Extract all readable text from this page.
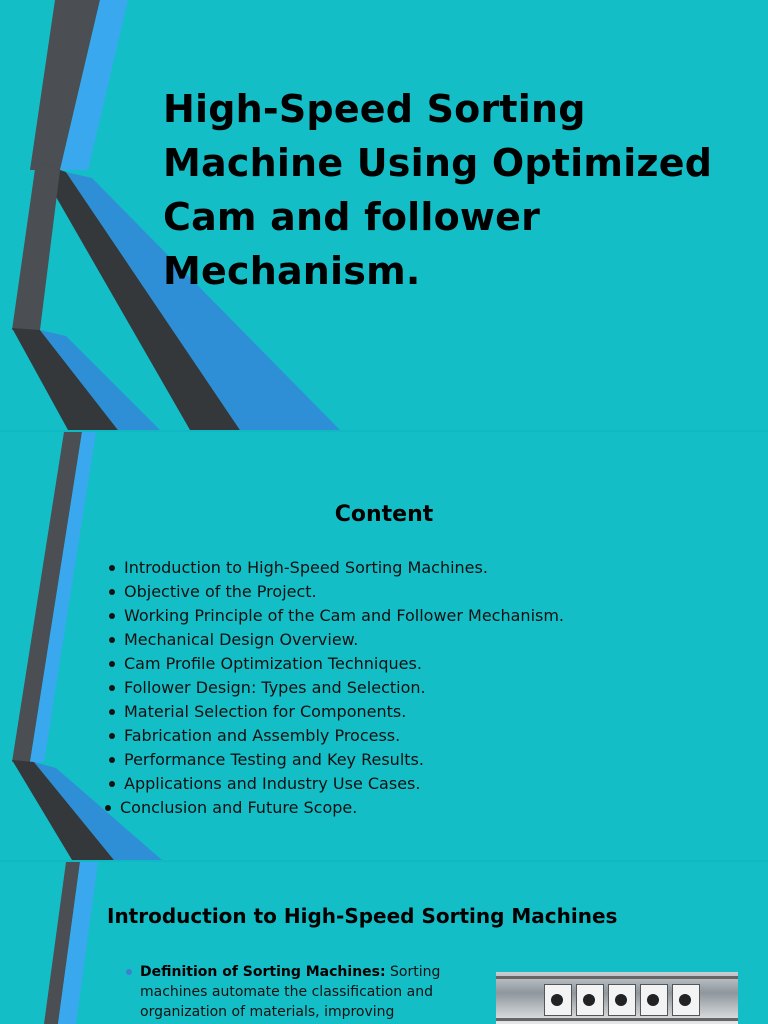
High-Speed Sorting Machine Using Optimized Cam and follower Mechanism.
Content
Introduction to High-Speed Sorting Machines.
Objective of the Project.
Working Principle of the Cam and Follower Mechanism.
Mechanical Design Overview.
Cam Profile Optimization Techniques.
Follower Design: Types and Selection.
Material Selection for Components.
Fabrication and Assembly Process.
Performance Testing and Key Results.
Applications and Industry Use Cases.
Conclusion and Future Scope.
Introduction to High-Speed Sorting Machines
Definition of Sorting Machines: Sorting machines automate the classification and organization of materials, improving
